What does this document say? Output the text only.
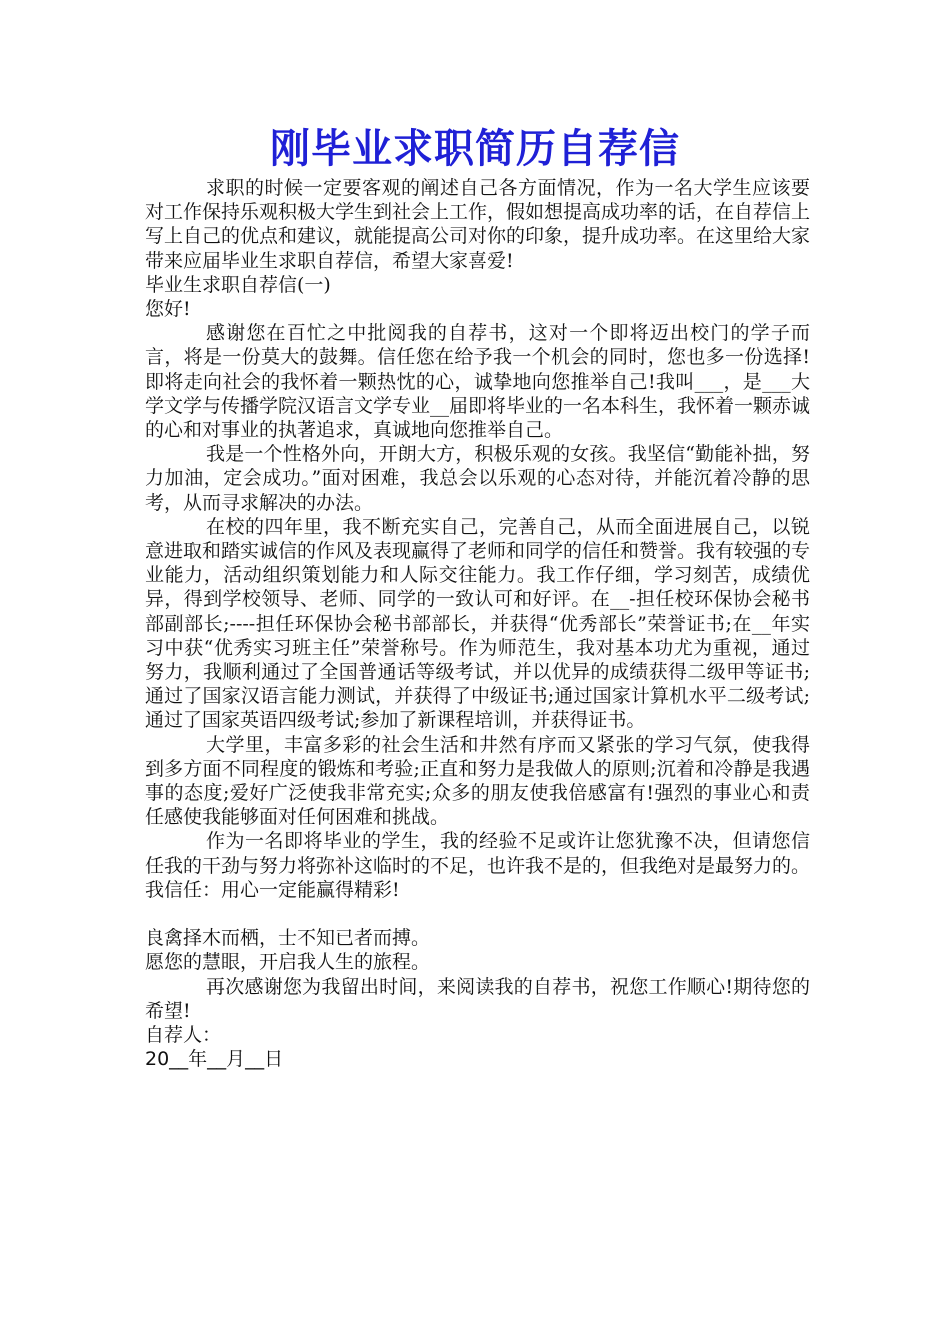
刚毕业求职简历自荐信

求职的时候一定要客观的阐述自己各方面情况，作为一名大学生应该要对工作保持乐观积极大学生到社会上工作，假如想提高成功率的话，在自荐信上写上自己的优点和建议，就能提高公司对你的印象，提升成功率。在这里给大家带来应届毕业生求职自荐信，希望大家喜爱!

毕业生求职自荐信(一)

您好!

感谢您在百忙之中批阅我的自荐书，这对一个即将迈出校门的学子而言，将是一份莫大的鼓舞。信任您在给予我一个机会的同时，您也多一份选择!即将走向社会的我怀着一颗热忱的心，诚挚地向您推举自己!我叫___，是___大学文学与传播学院汉语言文学专业__届即将毕业的一名本科生，我怀着一颗赤诚的心和对事业的执著追求，真诚地向您推举自己。

我是一个性格外向，开朗大方，积极乐观的女孩。我坚信“勤能补拙，努力加油，定会成功。”面对困难，我总会以乐观的心态对待，并能沉着冷静的思考，从而寻求解决的办法。

在校的四年里，我不断充实自己，完善自己，从而全面进展自己，以锐意进取和踏实诚信的作风及表现赢得了老师和同学的信任和赞誉。我有较强的专业能力，活动组织策划能力和人际交往能力。我工作仔细，学习刻苦，成绩优异，得到学校领导、老师、同学的一致认可和好评。在__-担任校环保协会秘书部副部长;----担任环保协会秘书部部长，并获得“优秀部长”荣誉证书;在__年实习中获“优秀实习班主任”荣誉称号。作为师范生，我对基本功尤为重视，通过努力，我顺利通过了全国普通话等级考试，并以优异的成绩获得二级甲等证书;通过了国家汉语言能力测试，并获得了中级证书;通过国家计算机水平二级考试;通过了国家英语四级考试;参加了新课程培训，并获得证书。

大学里，丰富多彩的社会生活和井然有序而又紧张的学习气氛，使我得到多方面不同程度的锻炼和考验;正直和努力是我做人的原则;沉着和冷静是我遇事的态度;爱好广泛使我非常充实;众多的朋友使我倍感富有!强烈的事业心和责任感使我能够面对任何困难和挑战。

作为一名即将毕业的学生，我的经验不足或许让您犹豫不决，但请您信任我的干劲与努力将弥补这临时的不足，也许我不是的，但我绝对是最努力的。我信任：用心一定能赢得精彩!

良禽择木而栖，士不知已者而搏。

愿您的慧眼，开启我人生的旅程。

再次感谢您为我留出时间，来阅读我的自荐书，祝您工作顺心!期待您的希望!

自荐人：

20__年__月__日
